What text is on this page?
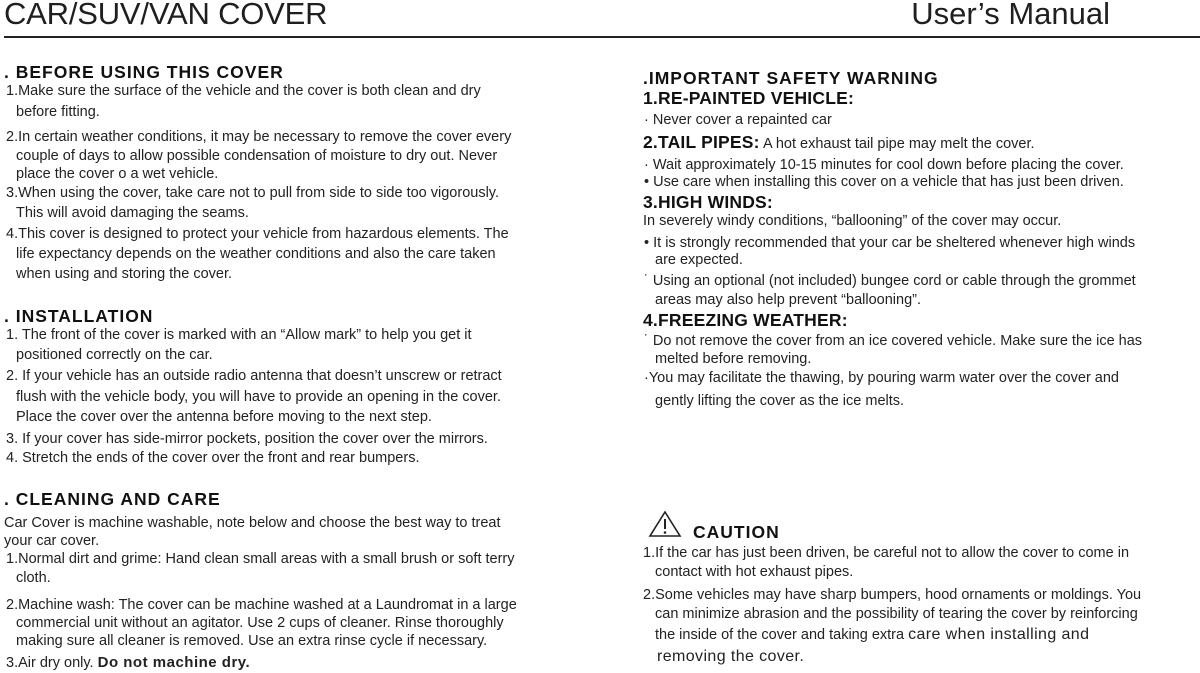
CAR/SUV/VAN COVER	User’s Manual
. BEFORE USING THIS COVER
1.Make sure the surface of the vehicle and the cover is both clean and dry
before fitting.
2.In certain weather conditions, it may be necessary to remove the cover every
couple of days to allow possible condensation of moisture to dry out. Never
place the cover o a wet vehicle.
3.When using the cover, take care not to pull from side to side too vigorously.
This will avoid damaging the seams.
4.This cover is designed to protect your vehicle from hazardous elements. The
life expectancy depends on the weather conditions and also the care taken
when using and storing the cover.
. INSTALLATION
1. The front of the cover is marked with an “Allow mark” to help you get it
positioned correctly on the car.
2. If your vehicle has an outside radio antenna that doesn’t unscrew or retract
flush with the vehicle body, you will have to provide an opening in the cover.
Place the cover over the antenna before moving to the next step.
3. If your cover has side-mirror pockets, position the cover over the mirrors.
4. Stretch the ends of the cover over the front and rear bumpers.
. CLEANING AND CARE
Car Cover is machine washable, note below and choose the best way to treat
your car cover.
1.Normal dirt and grime: Hand clean small areas with a small brush or soft terry
cloth.
2.Machine wash: The cover can be machine washed at a Laundromat in a large
commercial unit without an agitator. Use 2 cups of cleaner. Rinse thoroughly
making sure all cleaner is removed. Use an extra rinse cycle if necessary.
3.Air dry only. Do not machine dry.
.IMPORTANT SAFETY WARNING
1.RE-PAINTED VEHICLE:
· Never cover a repainted car
2.TAIL PIPES: A hot exhaust tail pipe may melt the cover.
· Wait approximately 10-15 minutes for cool down before placing the cover.
• Use care when installing this cover on a vehicle that has just been driven.
3.HIGH WINDS:
In severely windy conditions, “ballooning” of the cover may occur.
• It is strongly recommended that your car be sheltered whenever high winds
are expected.
˙ Using an optional (not included) bungee cord or cable through the grommet
areas may also help prevent “ballooning”.
4.FREEZING WEATHER:
˙ Do not remove the cover from an ice covered vehicle. Make sure the ice has
melted before removing.
·You may facilitate the thawing, by pouring warm water over the cover and
gently lifting the cover as the ice melts.
CAUTION
1.If the car has just been driven, be careful not to allow the cover to come in
contact with hot exhaust pipes.
2.Some vehicles may have sharp bumpers, hood ornaments or moldings. You
can minimize abrasion and the possibility of tearing the cover by reinforcing
the inside of the cover and taking extra care when installing and
removing the cover.
